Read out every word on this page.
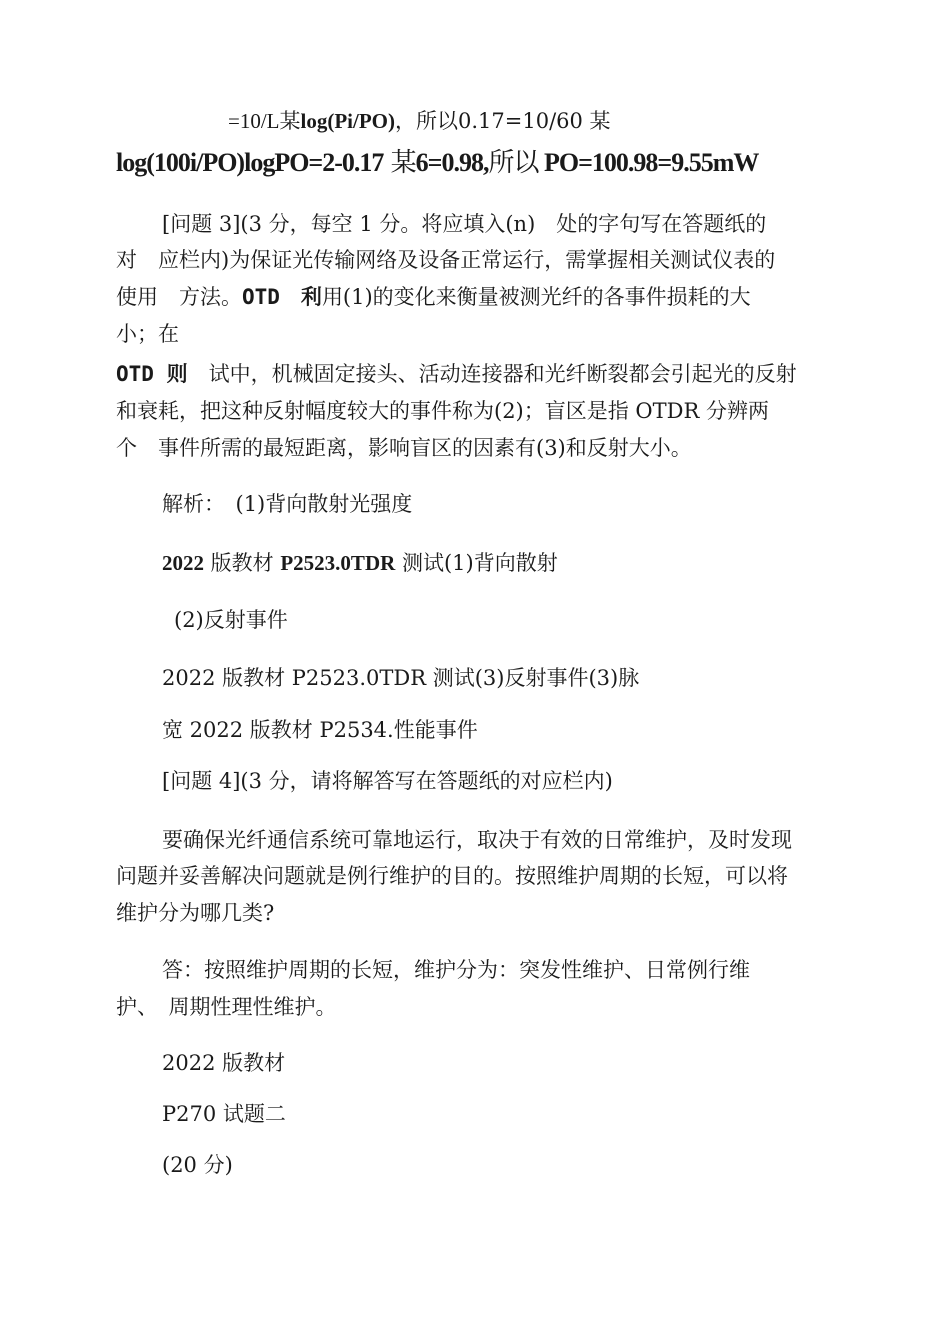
=10/L某log(Pi/PO)，所以0.17=10/60 某
log(100i/PO)logPO=2-0.17 某6=0.98,所以 PO=100.98=9.55mW
[问题 3](3 分，每空 1 分。将应填入(n)　处的字句写在答题纸的
对　应栏内)为保证光传输网络及设备正常运行，需掌握相关测试仪表的
使用　方法。OTD　利用(1)的变化来衡量被测光纤的各事件损耗的大
小；在
OTD 则　试中，机械固定接头、活动连接器和光纤断裂都会引起光的反射
和衰耗，把这种反射幅度较大的事件称为(2)；盲区是指 OTDR 分辨两
个　事件所需的最短距离，影响盲区的因素有(3)和反射大小。
解析：　(1)背向散射光强度
2022 版教材 P2523.0TDR 测试(1)背向散射
(2)反射事件
2022 版教材 P2523.0TDR 测试(3)反射事件(3)脉
宽 2022 版教材 P2534.性能事件
[问题 4](3 分，请将解答写在答题纸的对应栏内)
要确保光纤通信系统可靠地运行，取决于有效的日常维护，及时发现
问题并妥善解决问题就是例行维护的目的。按照维护周期的长短，可以将
维护分为哪几类?
答：按照维护周期的长短，维护分为：突发性维护、日常例行维
护、　周期性理性维护。
2022 版教材
P270 试题二
(20 分)
